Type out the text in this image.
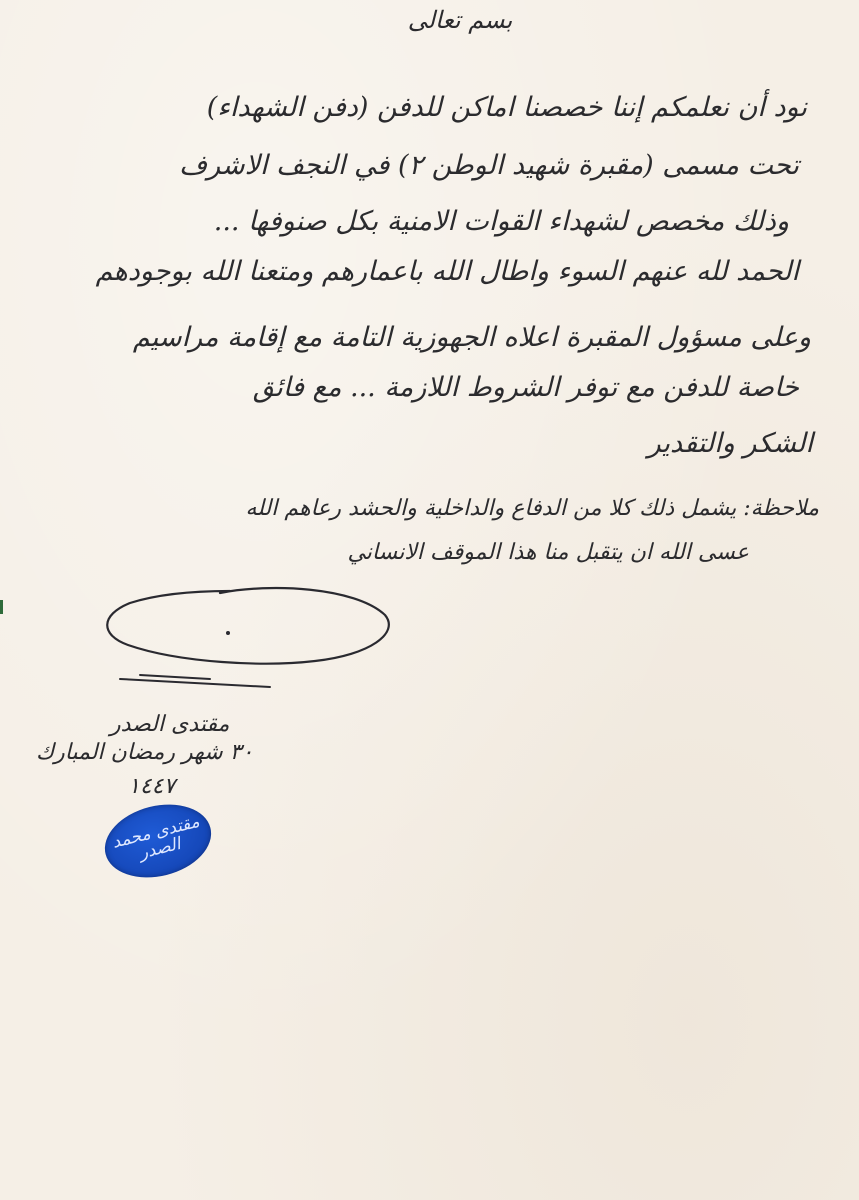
بسم تعالى
نود أن نعلمكم إننا خصصنا اماكن للدفن (دفن الشهداء)
تحت مسمى (مقبرة شهيد الوطن ٢) في النجف الاشرف
وذلك مخصص لشهداء القوات الامنية بكل صنوفها ...
الحمد لله عنهم السوء واطال الله باعمارهم ومتعنا الله بوجودهم
وعلى مسؤول المقبرة اعلاه الجهوزية التامة مع إقامة مراسيم
خاصة للدفن مع توفر الشروط اللازمة ... مع فائق
الشكر والتقدير
ملاحظة: يشمل ذلك كلا من الدفاع والداخلية والحشد رعاهم الله
عسى الله ان يتقبل منا هذا الموقف الانساني
مقتدى الصدر
٣٠ شهر رمضان المبارك
١٤٤٧
مقتدى محمد الصدر
